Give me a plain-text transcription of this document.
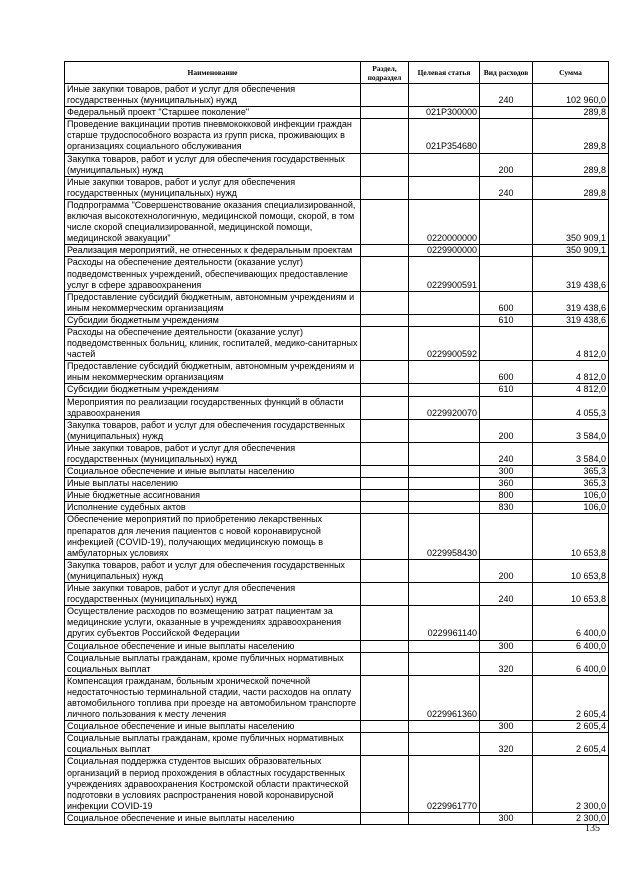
Наименование	Раздел, подраздел	Целевая статья	Вид расходов	Сумма
Иные закупки товаров, работ и услуг для обеспечения государственных (муниципальных) нужд			240	102 960,0
Федеральный проект "Старшее поколение"		021P300000		289,8
Проведение вакцинации против пневмококковой инфекции граждан старше трудоспособного возраста из групп риска, проживающих в организациях социального обслуживания		021P354680		289,8
Закупка товаров, работ и услуг для обеспечения государственных (муниципальных) нужд			200	289,8
Иные закупки товаров, работ и услуг для обеспечения государственных (муниципальных) нужд			240	289,8
Подпрограмма "Совершенствование оказания специализированной, включая высокотехнологичную, медицинской помощи, скорой, в том числе скорой специализированной, медицинской помощи, медицинской эвакуации"		0220000000		350 909,1
Реализация мероприятий, не отнесенных к федеральным проектам		0229900000		350 909,1
Расходы на обеспечение деятельности (оказание услуг) подведомственных учреждений, обеспечивающих предоставление услуг в сфере здравоохранения		0229900591		319 438,6
Предоставление субсидий бюджетным, автономным учреждениям и иным некоммерческим организациям			600	319 438,6
Субсидии бюджетным учреждениям			610	319 438,6
Расходы на обеспечение деятельности (оказание услуг) подведомственных больниц, клиник, госпиталей, медико-санитарных частей		0229900592		4 812,0
Предоставление субсидий бюджетным, автономным учреждениям и иным некоммерческим организациям			600	4 812,0
Субсидии бюджетным учреждениям			610	4 812,0
Мероприятия по реализации государственных функций в области здравоохранения		0229920070		4 055,3
Закупка товаров, работ и услуг для обеспечения государственных (муниципальных) нужд			200	3 584,0
Иные закупки товаров, работ и услуг для обеспечения государственных (муниципальных) нужд			240	3 584,0
Социальное обеспечение и иные выплаты населению			300	365,3
Иные выплаты населению			360	365,3
Иные бюджетные ассигнования			800	106,0
Исполнение судебных актов			830	106,0
Обеспечение мероприятий по приобретению лекарственных препаратов для лечения пациентов с новой коронавирусной инфекцией (COVID-19), получающих медицинскую помощь в амбулаторных условиях		0229958430		10 653,8
Закупка товаров, работ и услуг для обеспечения государственных (муниципальных) нужд			200	10 653,8
Иные закупки товаров, работ и услуг для обеспечения государственных (муниципальных) нужд			240	10 653,8
Осуществление расходов по возмещению затрат пациентам за медицинские услуги, оказанные в учреждениях здравоохранения других субъектов Российской Федерации		0229961140		6 400,0
Социальное обеспечение и иные выплаты населению			300	6 400,0
Социальные выплаты гражданам, кроме публичных нормативных социальных выплат			320	6 400,0
Компенсация гражданам, больным хронической почечной недостаточностью терминальной стадии, части расходов на оплату автомобильного топлива при проезде на автомобильном транспорте личного пользования к месту лечения		0229961360		2 605,4
Социальное обеспечение и иные выплаты населению			300	2 605,4
Социальные выплаты гражданам, кроме публичных нормативных социальных выплат			320	2 605,4
Социальная поддержка студентов высших образовательных организаций в период прохождения в областных государственных учреждениях здравоохранения Костромской области практической подготовки в условиях распространения новой коронавирусной инфекции COVID-19		0229961770		2 300,0
Социальное обеспечение и иные выплаты населению			300	2 300,0
135
